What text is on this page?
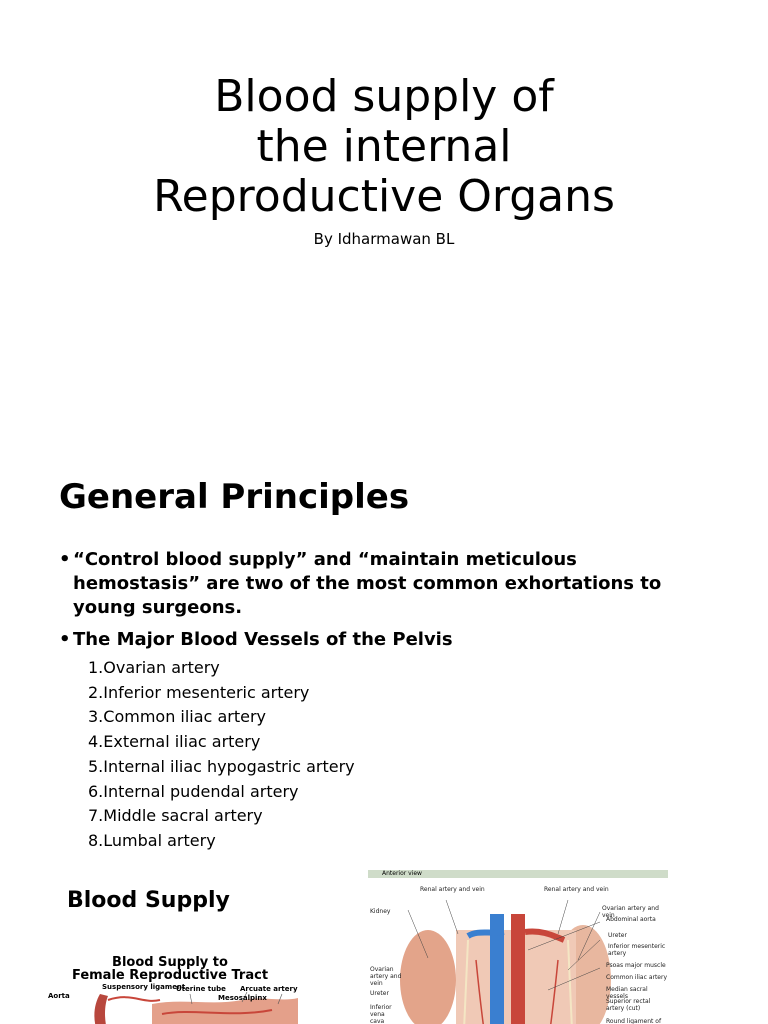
Blood supply of
the internal
Reproductive Organs
By Idharmawan BL
General Principles
• “Control blood supply” and “maintain meticulous hemostasis” are two of the most common exhortations to young surgeons.
• The Major Blood Vessels of the Pelvis
1.Ovarian artery
2.Inferior mesenteric artery
3.Common iliac artery
4.External iliac artery
5.Internal iliac hypogastric artery
6.Internal pudendal artery
7.Middle sacral artery
8.Lumbal artery
Blood Supply
Blood Supply to
Female Reproductive Tract
Suspensory ligament
Uterine tube Arcuate artery
Aorta	Mesosalpinx
Anterior view
Renal artery and vein	Renal artery and vein
Kidney
Ovarian artery and vein
Ureter
Inferior vena cava
Ovarian artery and vein
Abdominal aorta
Ureter
Inferior mesenteric artery
Psoas major muscle
Common iliac artery
Median sacral vessels
Superior rectal artery (cut)
Round ligament of
